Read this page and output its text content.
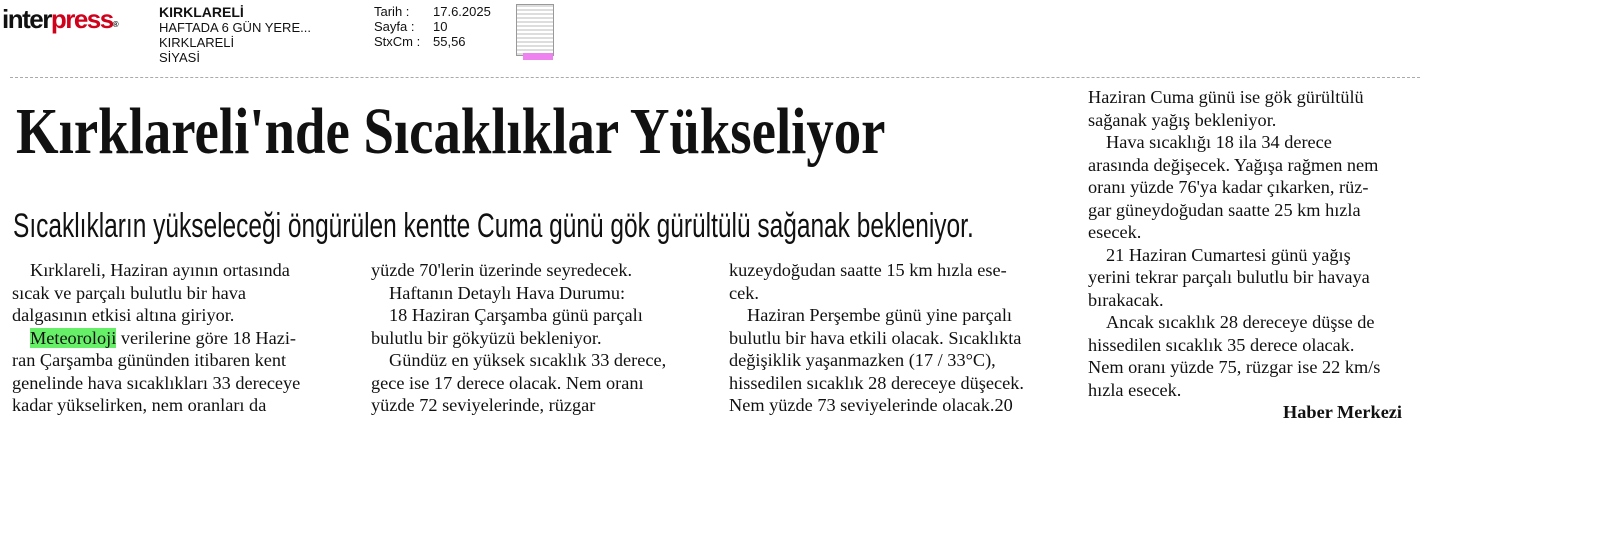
interpress®
KIRKLARELİ
HAFTADA 6 GÜN YERE...
KIRKLARELİ
SİYASİ
Tarih :	17.6.2025
Sayfa :	10
StxCm : 55,56
Kırklareli'nde Sıcaklıklar Yükseliyor
Sıcaklıkların yükseleceği öngürülen kentte Cuma günü gök gürültülü sağanak bekleniyor.

Kırklareli, Haziran ayının ortasında

sıcak ve parçalı bulutlu bir hava

dalgasının etkisi altına giriyor.

Meteoroloji verilerine göre 18 Hazi-

ran Çarşamba gününden itibaren kent

genelinde hava sıcaklıkları 33 dereceye

kadar yükselirken, nem oranları da

yüzde 70'lerin üzerinde seyredecek.

Haftanın Detaylı Hava Durumu:

18 Haziran Çarşamba günü parçalı

bulutlu bir gökyüzü bekleniyor.

Gündüz en yüksek sıcaklık 33 derece,

gece ise 17 derece olacak. Nem oranı

yüzde 72 seviyelerinde, rüzgar

kuzeydoğudan saatte 15 km hızla ese-

cek.

Haziran Perşembe günü yine parçalı

bulutlu bir hava etkili olacak. Sıcaklıkta

değişiklik yaşanmazken (17 / 33°C),

hissedilen sıcaklık 28 dereceye düşecek.

Nem yüzde 73 seviyelerinde olacak.20

Haziran Cuma günü ise gök gürültülü

sağanak yağış bekleniyor.

Hava sıcaklığı 18 ila 34 derece

arasında değişecek. Yağışa rağmen nem

oranı yüzde 76'ya kadar çıkarken, rüz-

gar güneydoğudan saatte 25 km hızla

esecek.

21 Haziran Cumartesi günü yağış

yerini tekrar parçalı bulutlu bir havaya

bırakacak.

Ancak sıcaklık 28 dereceye düşse de

hissedilen sıcaklık 35 derece olacak.

Nem oranı yüzde 75, rüzgar ise 22 km/s

hızla esecek.

Haber Merkezi
